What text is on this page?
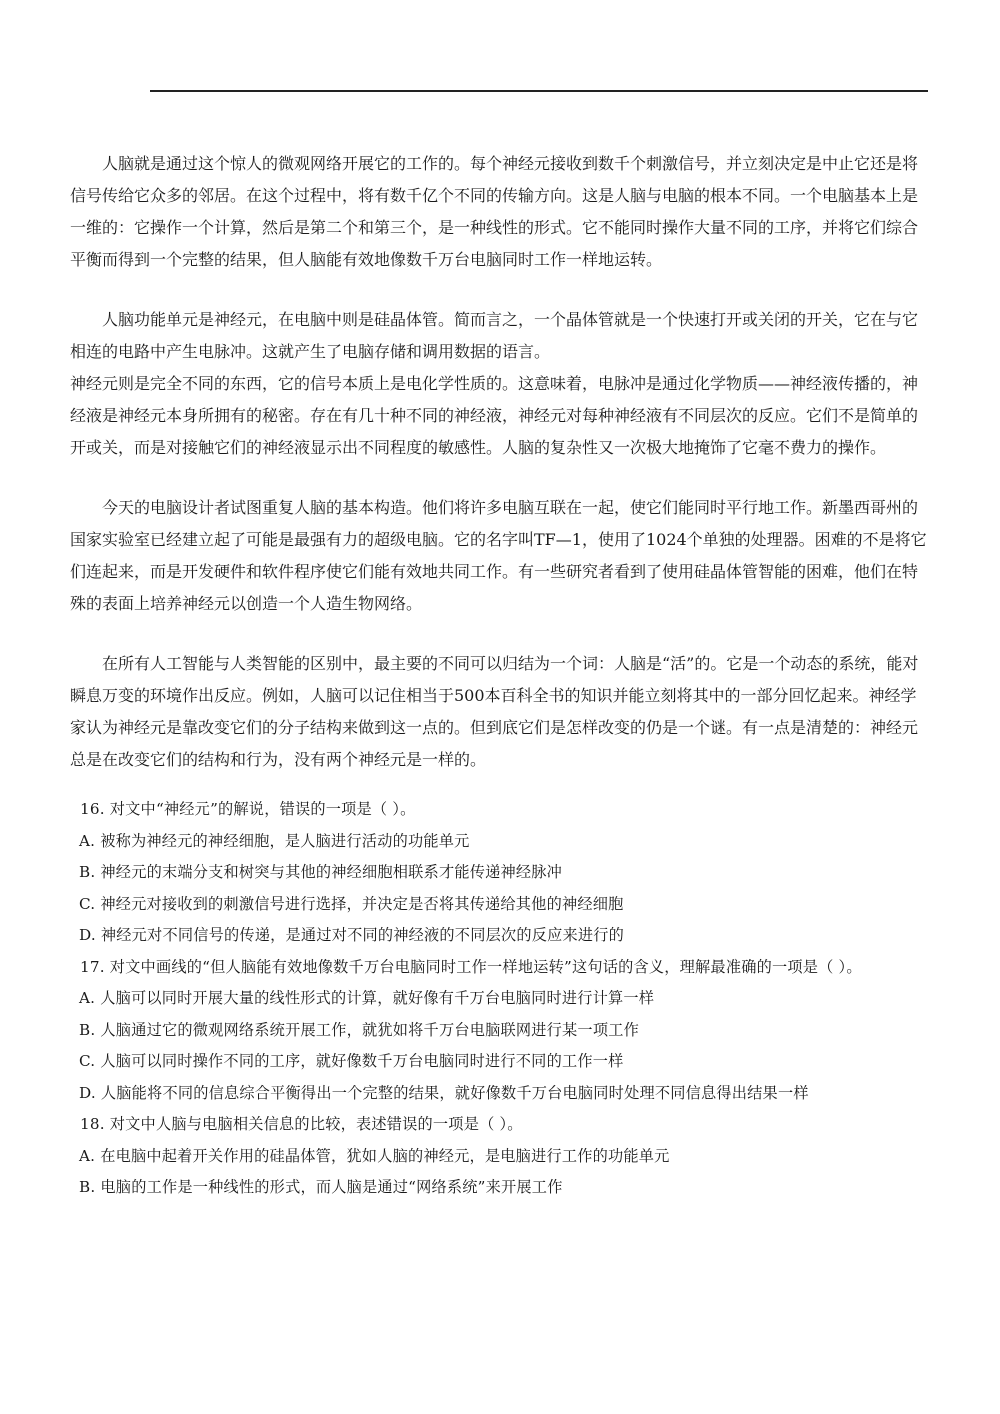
人脑就是通过这个惊人的微观网络开展它的工作的。每个神经元接收到数千个刺激信号，并立刻决定是中止它还是将信号传给它众多的邻居。在这个过程中，将有数千亿个不同的传输方向。这是人脑与电脑的根本不同。一个电脑基本上是一维的：它操作一个计算，然后是第二个和第三个，是一种线性的形式。它不能同时操作大量不同的工序，并将它们综合平衡而得到一个完整的结果，但人脑能有效地像数千万台电脑同时工作一样地运转。

人脑功能单元是神经元，在电脑中则是硅晶体管。简而言之，一个晶体管就是一个快速打开或关闭的开关，它在与它相连的电路中产生电脉冲。这就产生了电脑存储和调用数据的语言。

神经元则是完全不同的东西，它的信号本质上是电化学性质的。这意味着，电脉冲是通过化学物质——神经液传播的，神经液是神经元本身所拥有的秘密。存在有几十种不同的神经液，神经元对每种神经液有不同层次的反应。它们不是简单的开或关，而是对接触它们的神经液显示出不同程度的敏感性。人脑的复杂性又一次极大地掩饰了它毫不费力的操作。

今天的电脑设计者试图重复人脑的基本构造。他们将许多电脑互联在一起，使它们能同时平行地工作。新墨西哥州的国家实验室已经建立起了可能是最强有力的超级电脑。它的名字叫TF—1，使用了1024个单独的处理器。困难的不是将它们连起来，而是开发硬件和软件程序使它们能有效地共同工作。有一些研究者看到了使用硅晶体管智能的困难，他们在特殊的表面上培养神经元以创造一个人造生物网络。

在所有人工智能与人类智能的区别中，最主要的不同可以归结为一个词：人脑是“活”的。它是一个动态的系统，能对瞬息万变的环境作出反应。例如，人脑可以记住相当于500本百科全书的知识并能立刻将其中的一部分回忆起来。神经学家认为神经元是靠改变它们的分子结构来做到这一点的。但到底它们是怎样改变的仍是一个谜。有一点是清楚的：神经元总是在改变它们的结构和行为，没有两个神经元是一样的。

16. 对文中“神经元”的解说，错误的一项是（ ）。

A. 被称为神经元的神经细胞，是人脑进行活动的功能单元

B. 神经元的末端分支和树突与其他的神经细胞相联系才能传递神经脉冲

C. 神经元对接收到的刺激信号进行选择，并决定是否将其传递给其他的神经细胞

D. 神经元对不同信号的传递，是通过对不同的神经液的不同层次的反应来进行的

17. 对文中画线的“但人脑能有效地像数千万台电脑同时工作一样地运转”这句话的含义，理解最准确的一项是（ ）。

A. 人脑可以同时开展大量的线性形式的计算，就好像有千万台电脑同时进行计算一样

B. 人脑通过它的微观网络系统开展工作，就犹如将千万台电脑联网进行某一项工作

C. 人脑可以同时操作不同的工序，就好像数千万台电脑同时进行不同的工作一样

D. 人脑能将不同的信息综合平衡得出一个完整的结果，就好像数千万台电脑同时处理不同信息得出结果一样

18. 对文中人脑与电脑相关信息的比较，表述错误的一项是（ ）。

A. 在电脑中起着开关作用的硅晶体管，犹如人脑的神经元，是电脑进行工作的功能单元

B. 电脑的工作是一种线性的形式，而人脑是通过“网络系统”来开展工作
